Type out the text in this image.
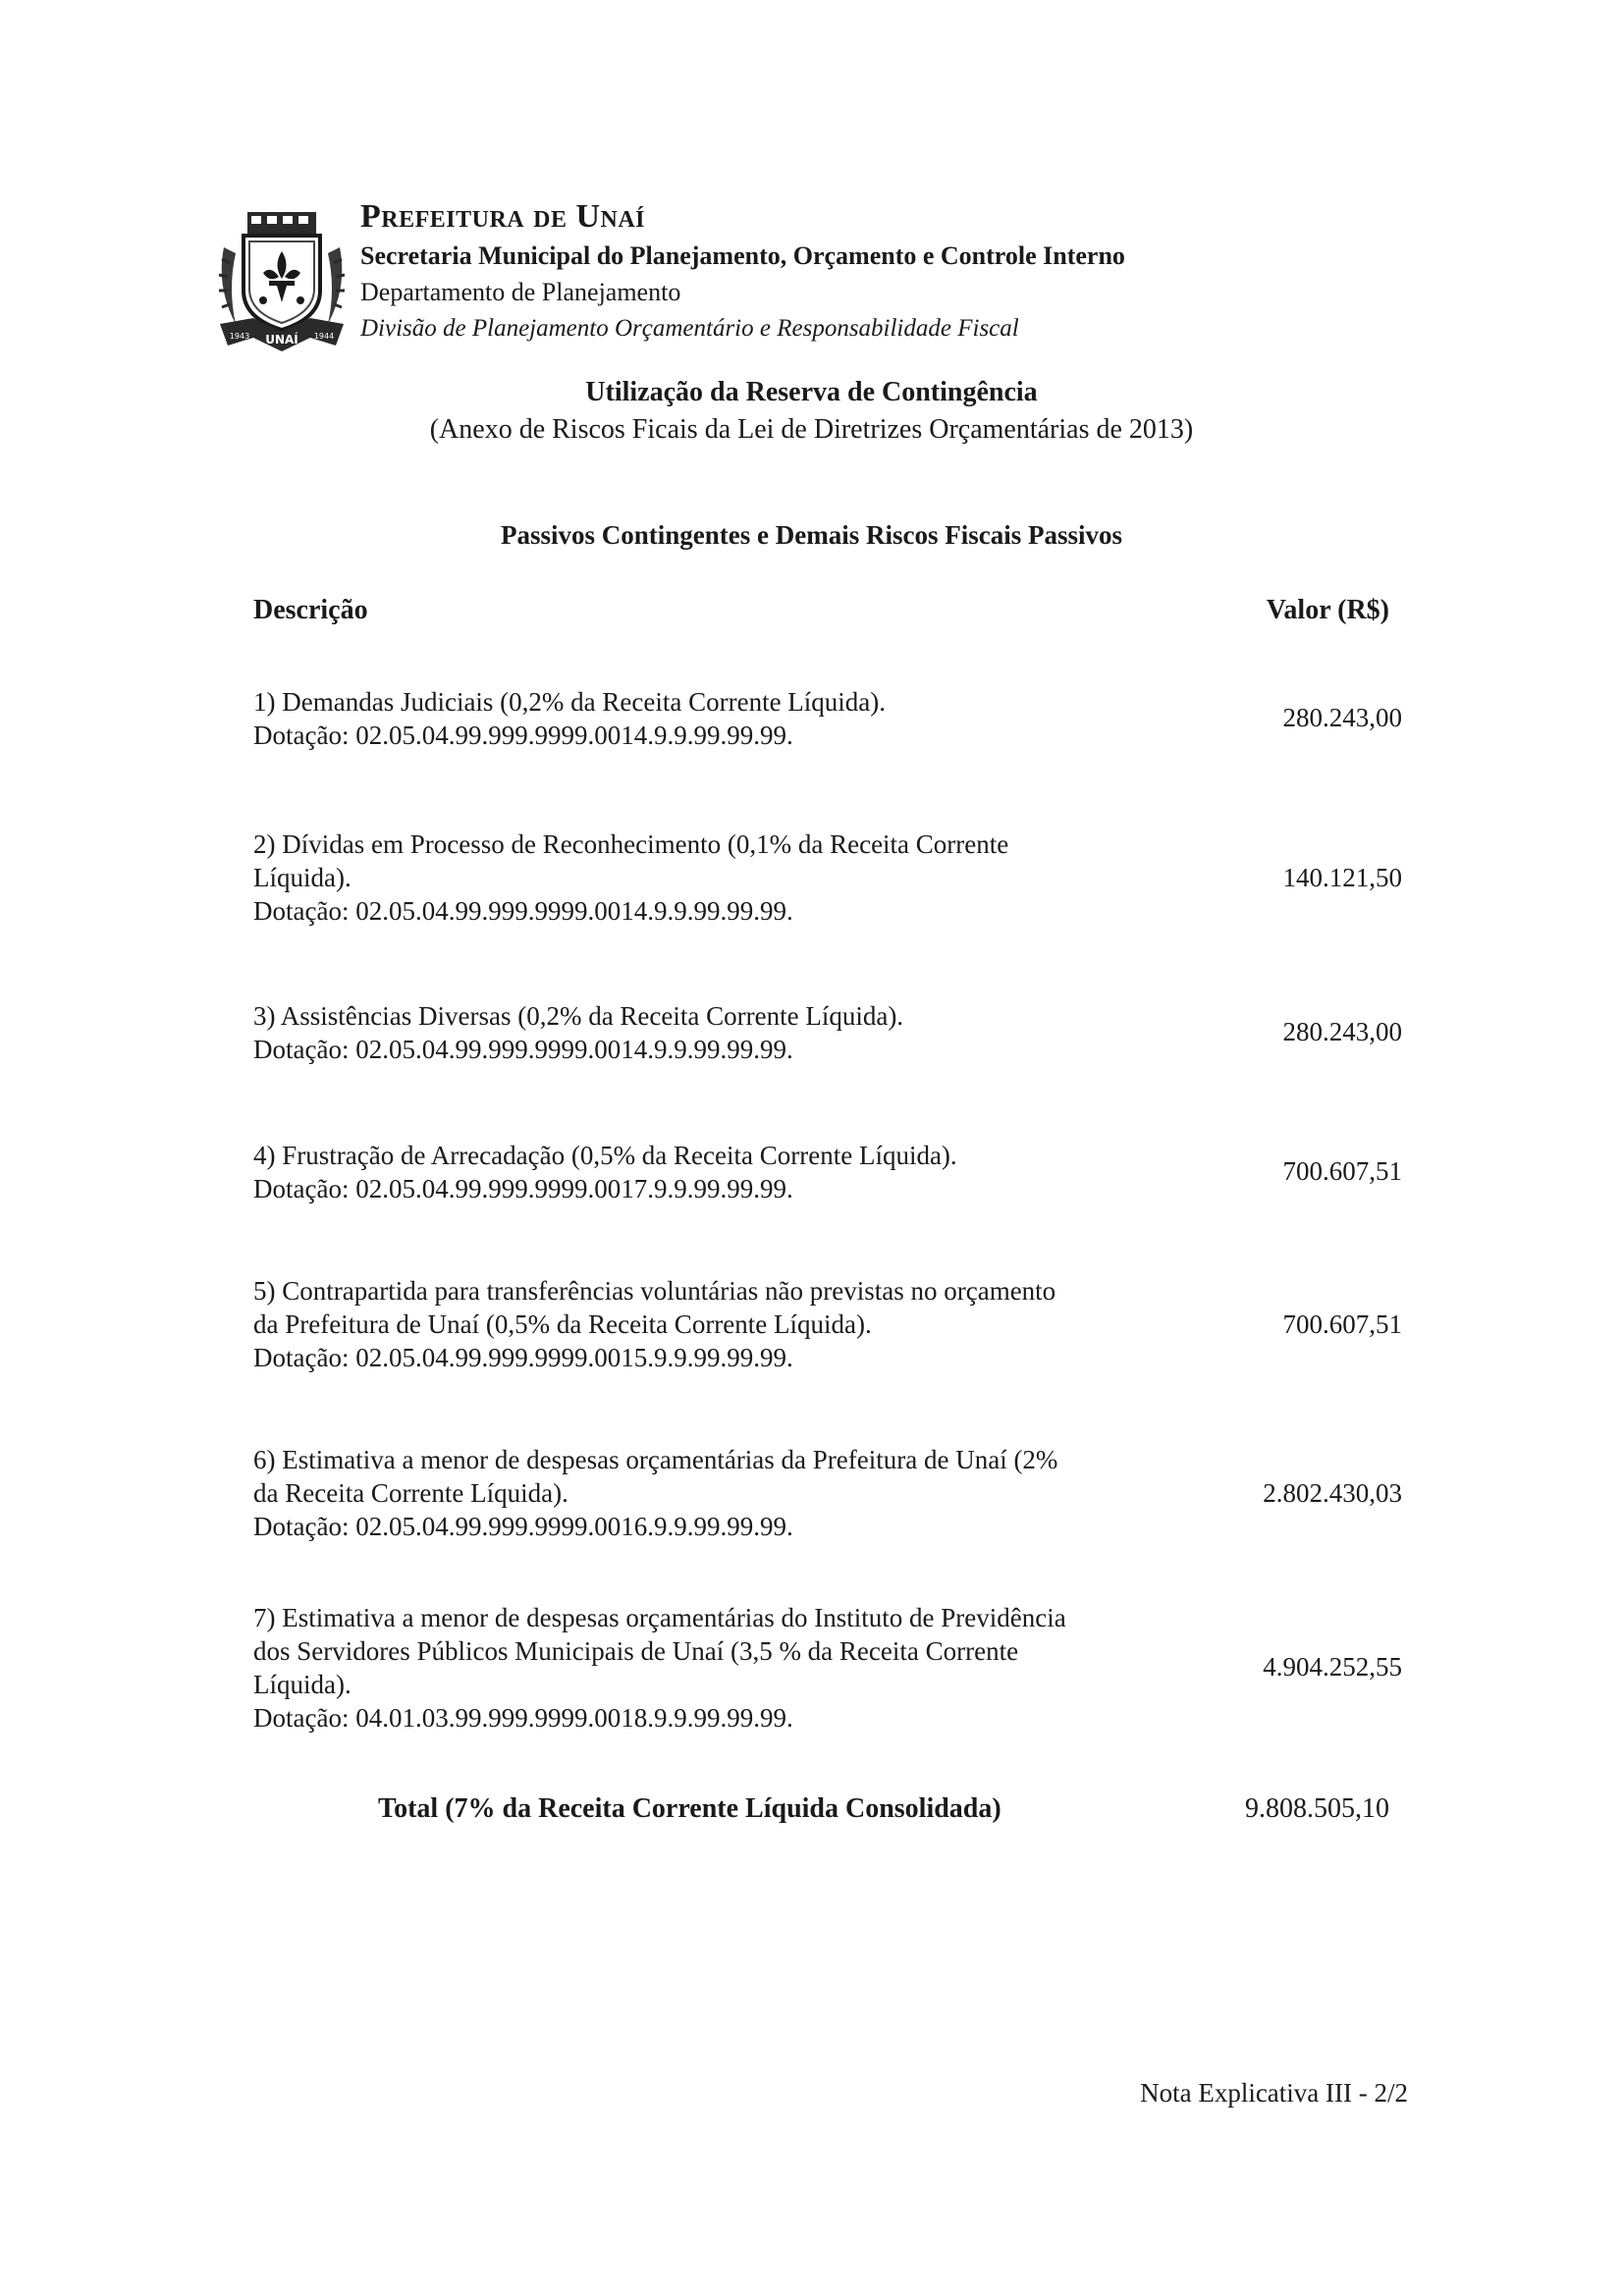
UNAÍ
1943	1944
Prefeitura de Unaí
Secretaria Municipal do Planejamento, Orçamento e Controle Interno
Departamento de Planejamento
Divisão de Planejamento Orçamentário e Responsabilidade Fiscal
Utilização da Reserva de Contingência
(Anexo de Riscos Ficais da Lei de Diretrizes Orçamentárias de 2013)
Passivos Contingentes e Demais Riscos Fiscais Passivos
Descrição	Valor (R$)
1) Demandas Judiciais (0,2% da Receita Corrente Líquida).
Dotação: 02.05.04.99.999.9999.0014.9.9.99.99.99.
280.243,00
2) Dívidas em Processo de Reconhecimento (0,1% da Receita Corrente
Líquida).
Dotação: 02.05.04.99.999.9999.0014.9.9.99.99.99.
140.121,50
3) Assistências Diversas (0,2% da Receita Corrente Líquida).
Dotação: 02.05.04.99.999.9999.0014.9.9.99.99.99.
280.243,00
4) Frustração de Arrecadação (0,5% da Receita Corrente Líquida).
Dotação: 02.05.04.99.999.9999.0017.9.9.99.99.99.
700.607,51
5) Contrapartida para transferências voluntárias não previstas no orçamento
da Prefeitura de Unaí (0,5% da Receita Corrente Líquida).
Dotação: 02.05.04.99.999.9999.0015.9.9.99.99.99.
700.607,51
6) Estimativa a menor de despesas orçamentárias da Prefeitura de Unaí (2%
da Receita Corrente Líquida).
Dotação: 02.05.04.99.999.9999.0016.9.9.99.99.99.
2.802.430,03
7) Estimativa a menor de despesas orçamentárias do Instituto de Previdência
dos Servidores Públicos Municipais de Unaí (3,5 % da Receita Corrente
Líquida).
Dotação: 04.01.03.99.999.9999.0018.9.9.99.99.99.
4.904.252,55
Total (7% da Receita Corrente Líquida Consolidada)	9.808.505,10
Nota Explicativa III - 2/2
